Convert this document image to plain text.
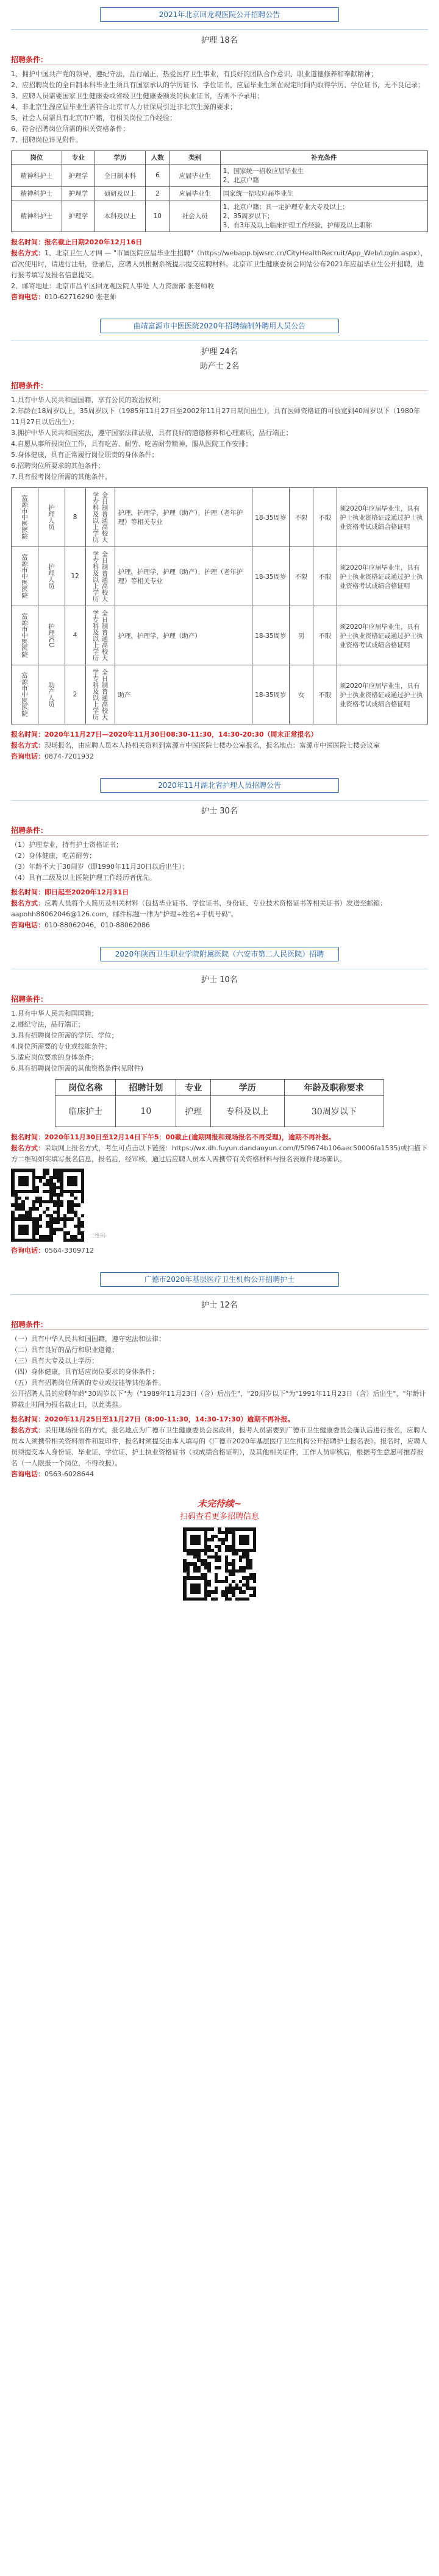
2021年北京回龙观医院公开招聘公告
护理 18名
招聘条件：
1、拥护中国共产党的领导，遵纪守法，品行端正，热爱医疗卫生事业，有良好的团队合作意识、职业道德修养和奉献精神；
2、应招聘岗位的全日制本科毕业生须具有国家承认的学历证书、学位证书，应届毕业生须在规定时间内取得学历、学位证书，无不良记录；
3、应聘人员需要国家卫生健康委或省级卫生健康委颁发的执业证书，否则不予录用；
4、非北京生源应届毕业生需符合北京市人力社保局引进非北京生源的要求；
5、社会人员需具有北京市户籍，有相关岗位工作经验；
6、符合招聘岗位所需的相关资格条件；
7、招聘岗位详见附件。
岗位	专业	学历	人数	类别	补充条件
精神科护士	护理学	全日制本科	6	应届毕业生	1、国家统一招收应届毕业生
2、北京户籍
精神科护士	护理学	硕研及以上	2	应届毕业生	国家统一招收应届毕业生
精神科护士	护理学	本科及以上	10	社会人员	1、北京户籍；具一定护理专业大专及以上；
2、35周岁以下；
3、有3年及以上临床护理工作经验，护师及以上职称
报名时间：报名截止日期2020年12月16日
报名方式：1、北京卫生人才网 — "市属医院应届毕业生招聘"（https://webapp.bjwsrc.cn/CityHealthRecruit/App_Web/Login.aspx），首次使用时，请进行注册，登录后，应聘人员根据系统提示提交应聘材料。北京市卫生健康委员会网站公布2021年应届毕业生公开招聘，进行报考填写及报名信息提交。
2、邮寄地址：北京市昌平区回龙观医院人事处 人力资源部 张老师收
咨询电话：010-62716290 张老师
曲靖富源市中医医院2020年招聘编制外聘用人员公告
护理 24名
助产士 2名
招聘条件：
1.具有中华人民共和国国籍，享有公民的政治权利；
2.年龄在18周岁以上，35周岁以下（1985年11月27日至2002年11月27日期间出生），具有医师资格证的可放宽到40周岁以下（1980年11月27日以后出生）；
3.拥护中华人民共和国宪法，遵守国家法律法规，具有良好的道德修养和心理素质，品行端正；
4.自愿从事所报岗位工作，具有吃苦、耐劳、吃苦耐劳精神，服从医院工作安排；
5.身体健康，具有正常履行岗位职责的身体条件；
6.招聘岗位所要求的其他条件；
7.具有报考岗位所需的其他条件。
富源市中医医院	护理人员	8	全日制普通高校大学专科及以上学历	护理，护理学，护理（助产），护理（老年护理）等相关专业	18-35周岁	不限	不限	须2020年应届毕业生，具有护士执业资格证或通过护士执业资格考试成绩合格证明
富源市中医医院	护理人员	12	全日制普通高校大学专科及以上学历	护理，护理学，护理（助产），护理（老年护理）等相关专业	18-35周岁	不限	不限	须2020年应届毕业生，具有护士执业资格证或通过护士执业资格考试成绩合格证明
富源市中医医院	护理ICU	4	全日制普通高校大学专科及以上学历	护理，护理学，护理（助产）	18-35周岁	男	不限	须2020年应届毕业生，具有护士执业资格证或通过护士执业资格考试成绩合格证明
富源市中医医院	助产人员	2	全日制普通高校大学专科及以上学历	助产	18-35周岁	女	不限	须2020年应届毕业生，具有护士执业资格证或通过护士执业资格考试成绩合格证明
报名时间：2020年11月27日—2020年11月30日08:30-11:30，14:30-20:30（周末正常报名）
报名方式：现场报名，由应聘人员本人持相关资料到富源市中医医院七楼办公室报名，报名地点：富源市中医医院七楼会议室
咨询电话：0874-7201932
2020年11月湖北省护理人员招聘公告
护士 30名
招聘条件：
（1）护理专业，持有护士资格证书；
（2）身体健康，吃苦耐劳；
（3）年龄不大于30周岁（即1990年11月30日以后出生）；
（4）具有二级及以上医院护理工作经历者优先。
报名时间：即日起至2020年12月31日
报名方式：应聘人员将个人简历及相关材料（包括毕业证书、学位证书、身份证、专业技术资格证书等相关证书）发送至邮箱：aapohh88062046@126.com，邮件标题一律为"护理+姓名+手机号码"。
咨询电话：010-88062046，010-88062086
2020年陕西卫生职业学院附属医院（六安市第二人民医院）招聘
护士 10名
招聘条件：
1.具有中华人民共和国国籍；
2.遵纪守法，品行端正；
3.具有招聘岗位所需的学历、学位；
4.岗位所需要的专业或技能条件；
5.适应岗位要求的身体条件；
6.具有招聘岗位所需的其他资格条件(见附件)
岗位名称	招聘计划	专业	学历	年龄及职称要求
临床护士	10	护理	专科及以上	30周岁以下
报名时间：2020年11月30日至12月14日下午5：00截止(逾期网报和现场报名不再受理)，逾期不再补报。
报名方式：采取网上报名方式，考生可点击以下链接：https://wx.dh.fuyun.dandaoyun.com/f/5f9674b106aec50006fa1535)或扫描下方二维码如实填写报名信息，报名后，经审核，通过后应聘人员本人需携带有关资格材料与报名表原件现场确认。
二维码
咨询电话：0564-3309712
广德市2020年基层医疗卫生机构公开招聘护士
护士 12名
招聘条件：
（一）具有中华人民共和国国籍，遵守宪法和法律；
（二）具有良好的品行和职业道德；
（三）具有大专及以上学历；
（四）身体健康，具有适应岗位要求的身体条件；
（五）具有招聘岗位所需的专业或技能等其他条件。
公开招聘人员的应聘年龄"30周岁以下"为（"1989年11月23日（含）后出生"，"20周岁以下"为"1991年11月23日（含）后出生"，"年龄计算截止时间为报名截止日，以此类推。
报名时间：2020年11月25日至11月27日（8:00-11:30，14:30-17:30）逾期不再补报。
报名方式：采用现场报名的方式，报名地点为广德市卫生健康委员会医政科，报考人员需要到广德市卫生健康委员会确认后进行报名，应聘人员本人须携带相关资料原件和复印件，报名时须提交由本人填写的《广德市2020年基层医疗卫生机构公开招聘护士报名表》。报名时，应聘人员须提交本人身份证、毕业证、学位证、护士执业资格证书（或成绩合格证明），及其他相关证件，工作人员审核后，根据考生意愿可推荐报名（一人限报一个岗位，不得改报）。
咨询电话：0563-6028644
未完待续~
扫码查看更多招聘信息
